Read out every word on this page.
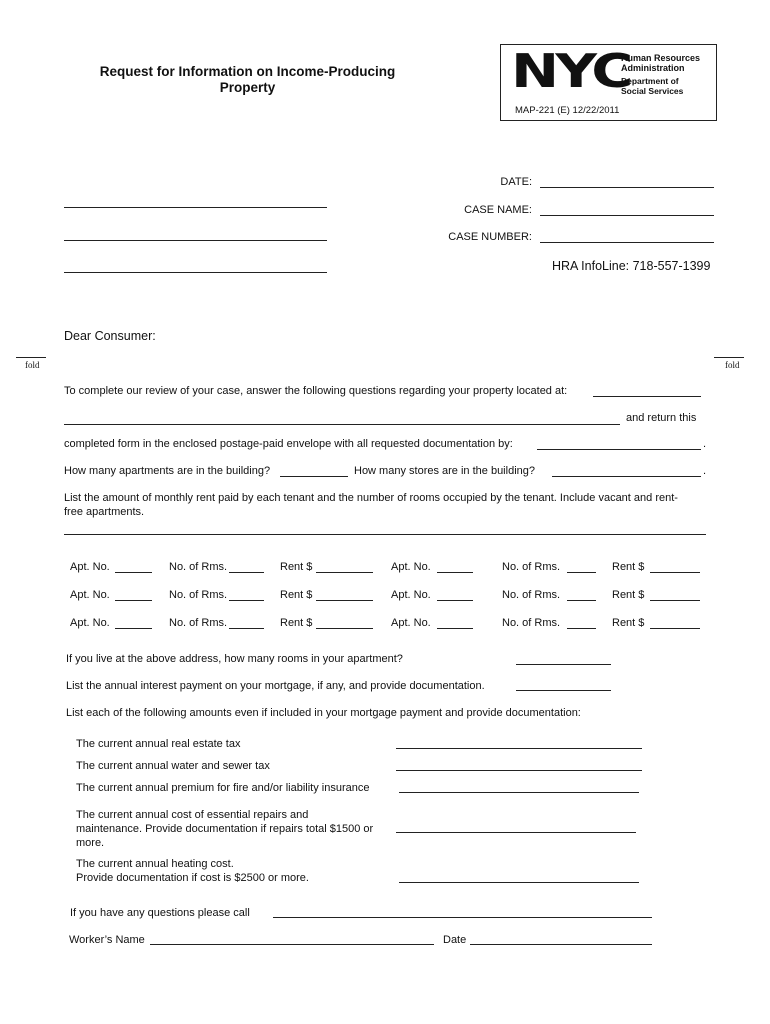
Request for Information on Income-Producing
Property	NYC
Human Resources
Administration
Department of
Social Services
MAP-221 (E) 12/22/2011
DATE:
CASE NAME:
CASE NUMBER:
HRA InfoLine: 718-557-1399
Dear Consumer:
fold	fold
To complete our review of your case, answer the following questions regarding your property located at:
and return this
completed form in the enclosed postage-paid envelope with all requested documentation by:	.
How many apartments are in the building?	How many stores are in the building?	.
List the amount of monthly rent paid by each tenant and the number of rooms occupied by the tenant. Include vacant and rent-
free apartments.
Apt. No.	No. of Rms.	Rent $	Apt. No.	No. of Rms.	Rent $
Apt. No.	No. of Rms.	Rent $	Apt. No.	No. of Rms.	Rent $
Apt. No.	No. of Rms.	Rent $	Apt. No.	No. of Rms.	Rent $
If you live at the above address, how many rooms in your apartment?
List the annual interest payment on your mortgage, if any, and provide documentation.
List each of the following amounts even if included in your mortgage payment and provide documentation:
The current annual real estate tax
The current annual water and sewer tax
The current annual premium for fire and/or liability insurance
The current annual cost of essential repairs and
maintenance. Provide documentation if repairs total $1500 or
more.
The current annual heating cost.
Provide documentation if cost is $2500 or more.
If you have any questions please call
Worker’s Name	Date
